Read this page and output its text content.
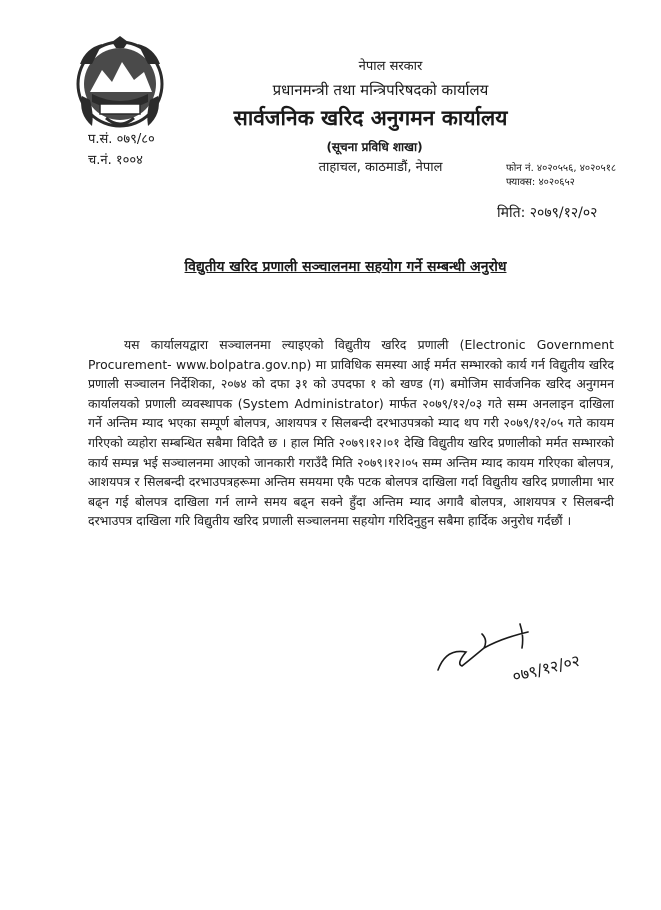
नेपाल सरकार
प्रधानमन्त्री तथा मन्त्रिपरिषदको कार्यालय
सार्वजनिक खरिद अनुगमन कार्यालय
(सूचना प्रविधि शाखा)
ताहाचल, काठमाडौं, नेपाल
प.सं. ०७९/८०
च.नं. १००४
फोन नं. ४०२०५५६, ४०२०५१८
फ्याक्स: ४०२०६५२
मिति: २०७९/१२/०२
विद्युतीय खरिद प्रणाली सञ्चालनमा सहयोग गर्ने सम्बन्धी अनुरोध

यस कार्यालयद्वारा सञ्चालनमा ल्याइएको विद्युतीय खरिद प्रणाली (Electronic Government Procurement- www.bolpatra.gov.np) मा प्राविधिक समस्या आई मर्मत सम्भारको कार्य गर्न विद्युतीय खरिद प्रणाली सञ्चालन निर्देशिका, २०७४ को दफा ३१ को उपदफा १ को खण्ड (ग) बमोजिम सार्वजनिक खरिद अनुगमन कार्यालयको प्रणाली व्यवस्थापक (System Administrator) मार्फत २०७९/१२/०३ गते सम्म अनलाइन दाखिला गर्ने अन्तिम म्याद भएका सम्पूर्ण बोलपत्र, आशयपत्र र सिलबन्दी दरभाउपत्रको म्याद थप गरी २०७९/१२/०५ गते कायम गरिएको व्यहोरा सम्बन्धित सबैमा विदितै छ । हाल मिति २०७९।१२।०१ देखि विद्युतीय खरिद प्रणालीको मर्मत सम्भारको कार्य सम्पन्न भई सञ्चालनमा आएको जानकारी गराउँदै मिति २०७९।१२।०५ सम्म अन्तिम म्याद कायम गरिएका बोलपत्र, आशयपत्र र सिलबन्दी दरभाउपत्रहरूमा अन्तिम समयमा एकै पटक बोलपत्र दाखिला गर्दा विद्युतीय खरिद प्रणालीमा भार बढ्न गई बोलपत्र दाखिला गर्न लाग्ने समय बढ्न सक्ने हुँदा अन्तिम म्याद अगावै बोलपत्र, आशयपत्र र सिलबन्दी दरभाउपत्र दाखिला गरि विद्युतीय खरिद प्रणाली सञ्चालनमा सहयोग गरिदिनुहुन सबैमा हार्दिक अनुरोध गर्दछौं ।

०७९/१२/०२
